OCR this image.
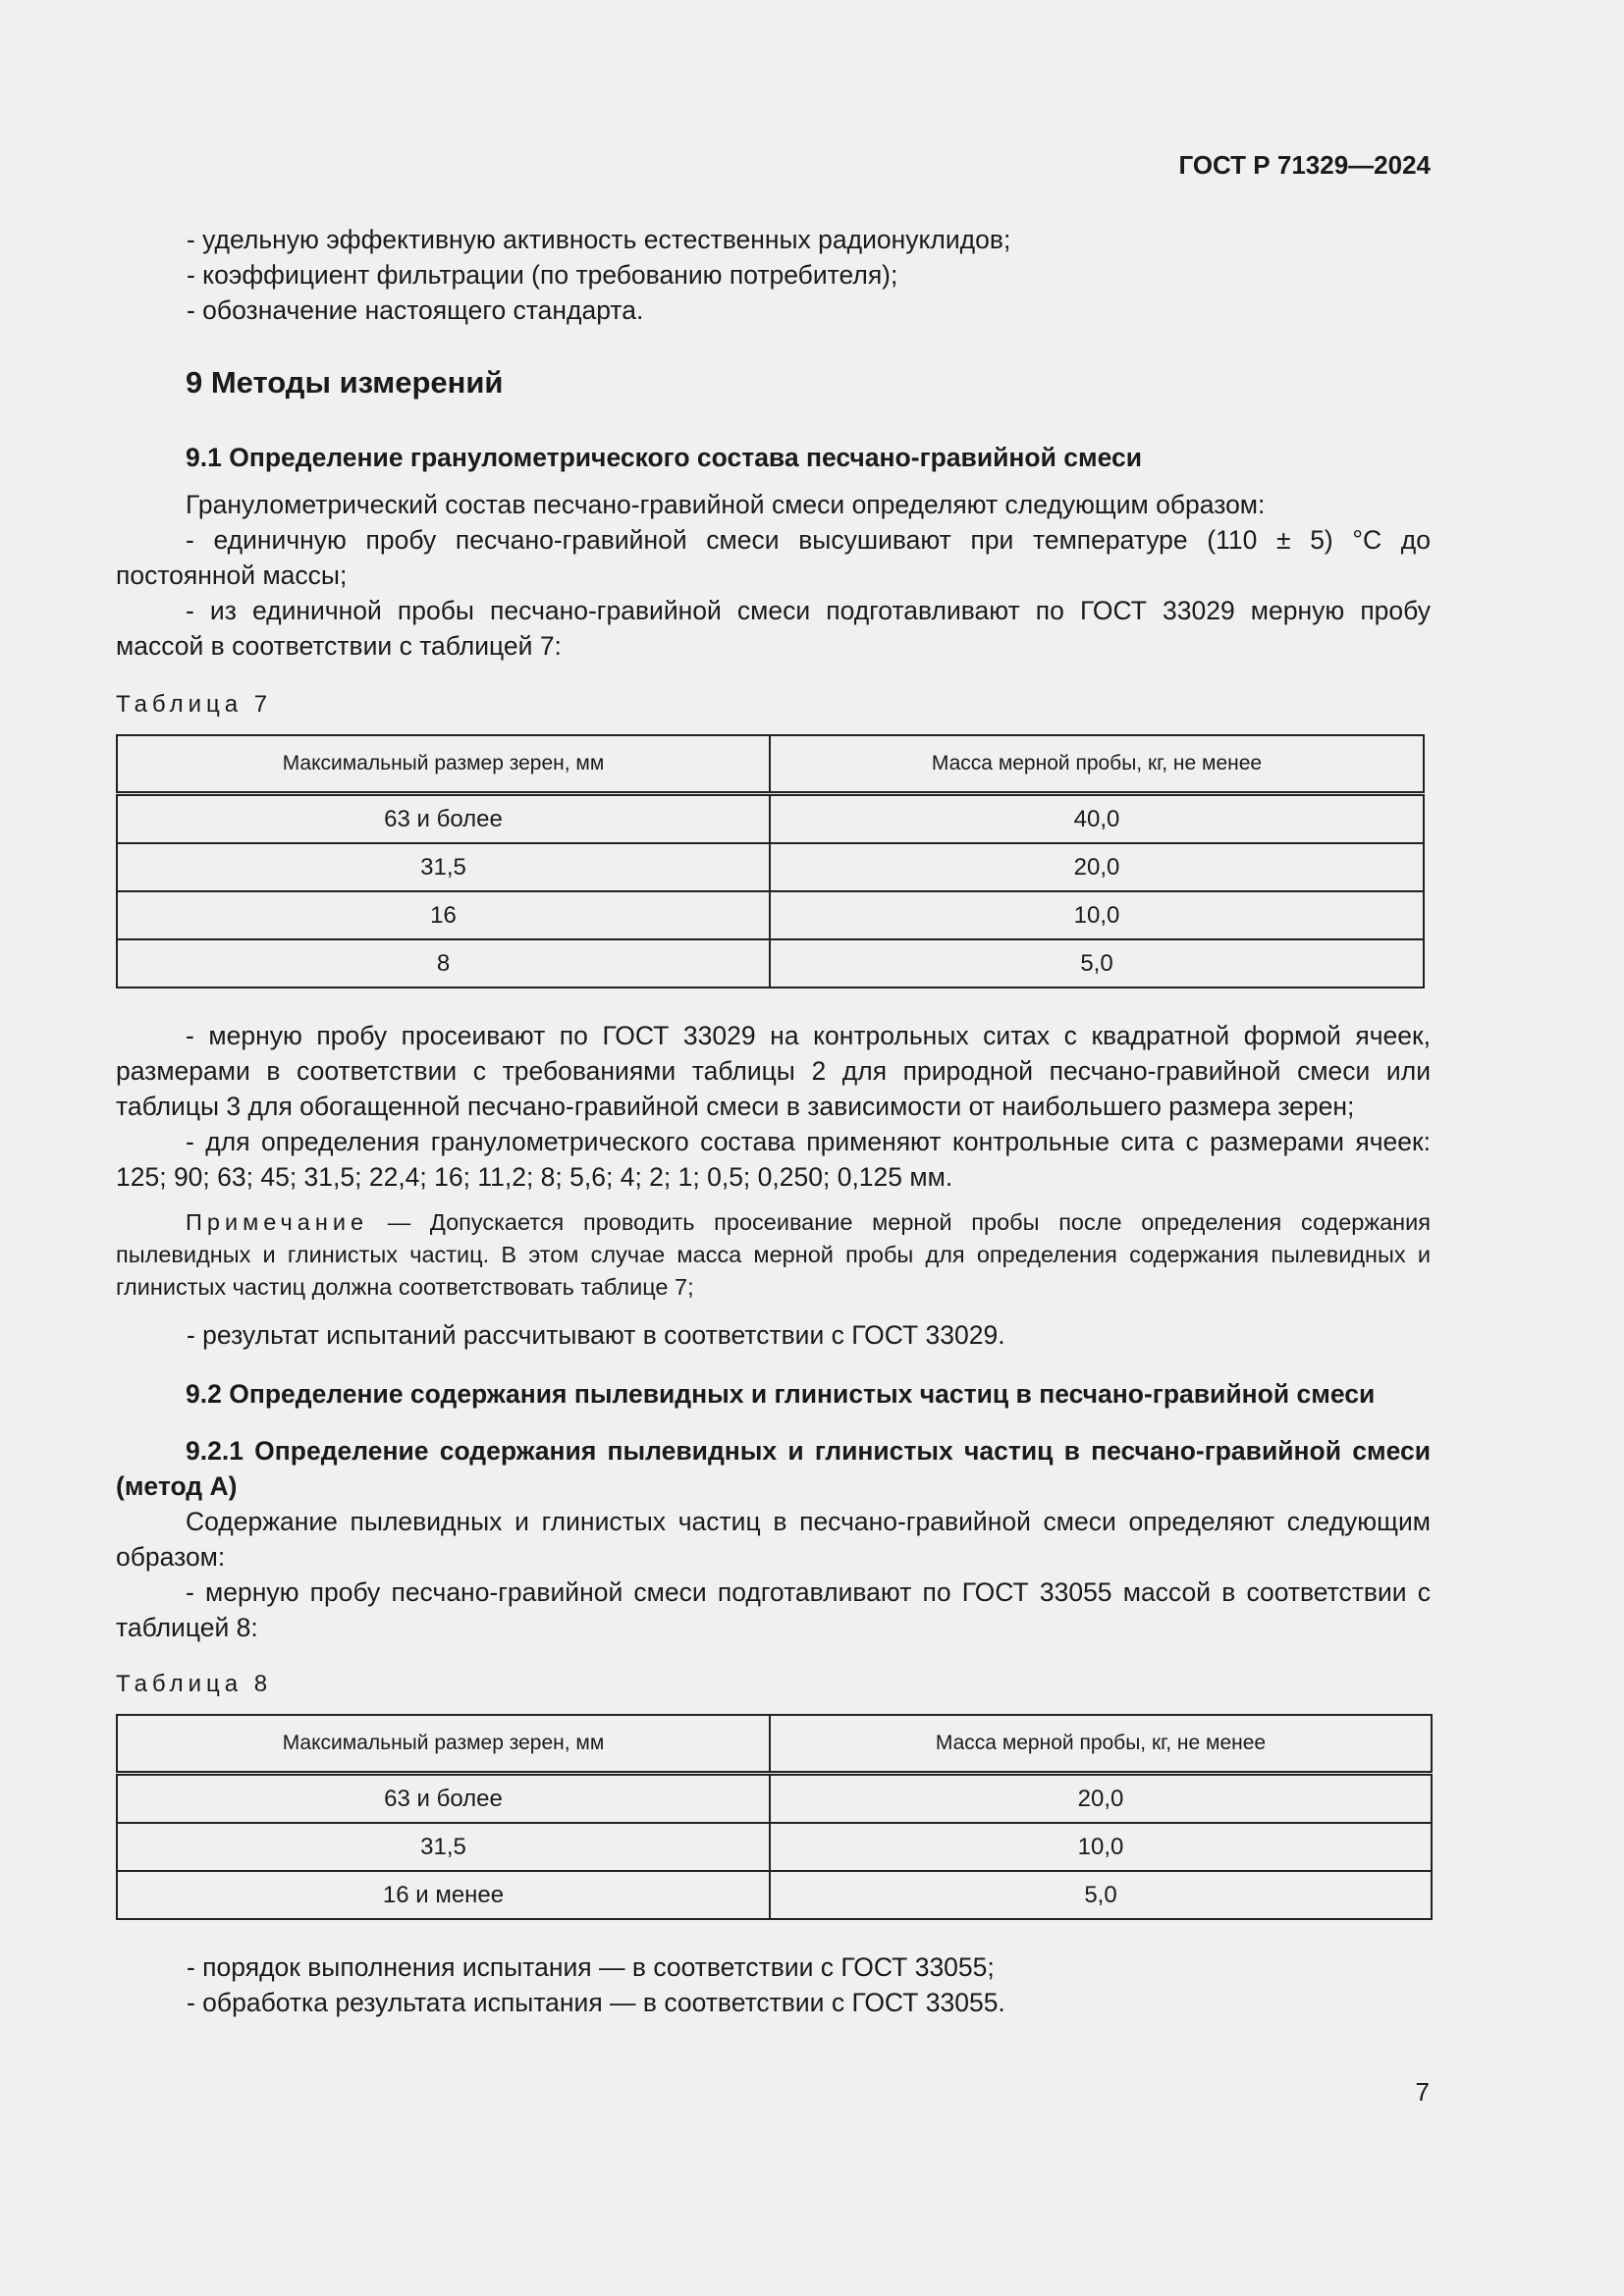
ГОСТ Р 71329—2024

- удельную эффективную активность естественных радионуклидов;

- коэффициент фильтрации (по требованию потребителя);

- обозначение настоящего стандарта.

9 Методы измерений
9.1 Определение гранулометрического состава песчано-гравийной смеси

Гранулометрический состав песчано-гравийной смеси определяют следующим образом:

- единичную пробу песчано-гравийной смеси высушивают при температуре (110 ± 5) °С до постоянной массы;

- из единичной пробы песчано-гравийной смеси подготавливают по ГОСТ 33029 мерную пробу массой в соответствии с таблицей 7:

Таблица 7
Максимальный размер зерен, мм	Масса мерной пробы, кг, не менее
63 и более	40,0
31,5	20,0
16	10,0
8	5,0

- мерную пробу просеивают по ГОСТ 33029 на контрольных ситах с квадратной формой ячеек, размерами в соответствии с требованиями таблицы 2 для природной песчано-гравийной смеси или таблицы 3 для обогащенной песчано-гравийной смеси в зависимости от наибольшего размера зерен;

- для определения гранулометрического состава применяют контрольные сита с размерами ячеек: 125; 90; 63; 45; 31,5; 22,4; 16; 11,2; 8; 5,6; 4; 2; 1; 0,5; 0,250; 0,125 мм.

Примечание — Допускается проводить просеивание мерной пробы после определения содержания пылевидных и глинистых частиц. В этом случае масса мерной пробы для определения содержания пылевидных и глинистых частиц должна соответствовать таблице 7;

- результат испытаний рассчитывают в соответствии с ГОСТ 33029.

9.2 Определение содержания пылевидных и глинистых частиц в песчано-гравийной смеси
9.2.1 Определение содержания пылевидных и глинистых частиц в песчано-гравийной смеси (метод А)

Содержание пылевидных и глинистых частиц в песчано-гравийной смеси определяют следующим образом:

- мерную пробу песчано-гравийной смеси подготавливают по ГОСТ 33055 массой в соответствии с таблицей 8:

Таблица 8
Максимальный размер зерен, мм	Масса мерной пробы, кг, не менее
63 и более	20,0
31,5	10,0
16 и менее	5,0

- порядок выполнения испытания — в соответствии с ГОСТ 33055;

- обработка результата испытания — в соответствии с ГОСТ 33055.

7
